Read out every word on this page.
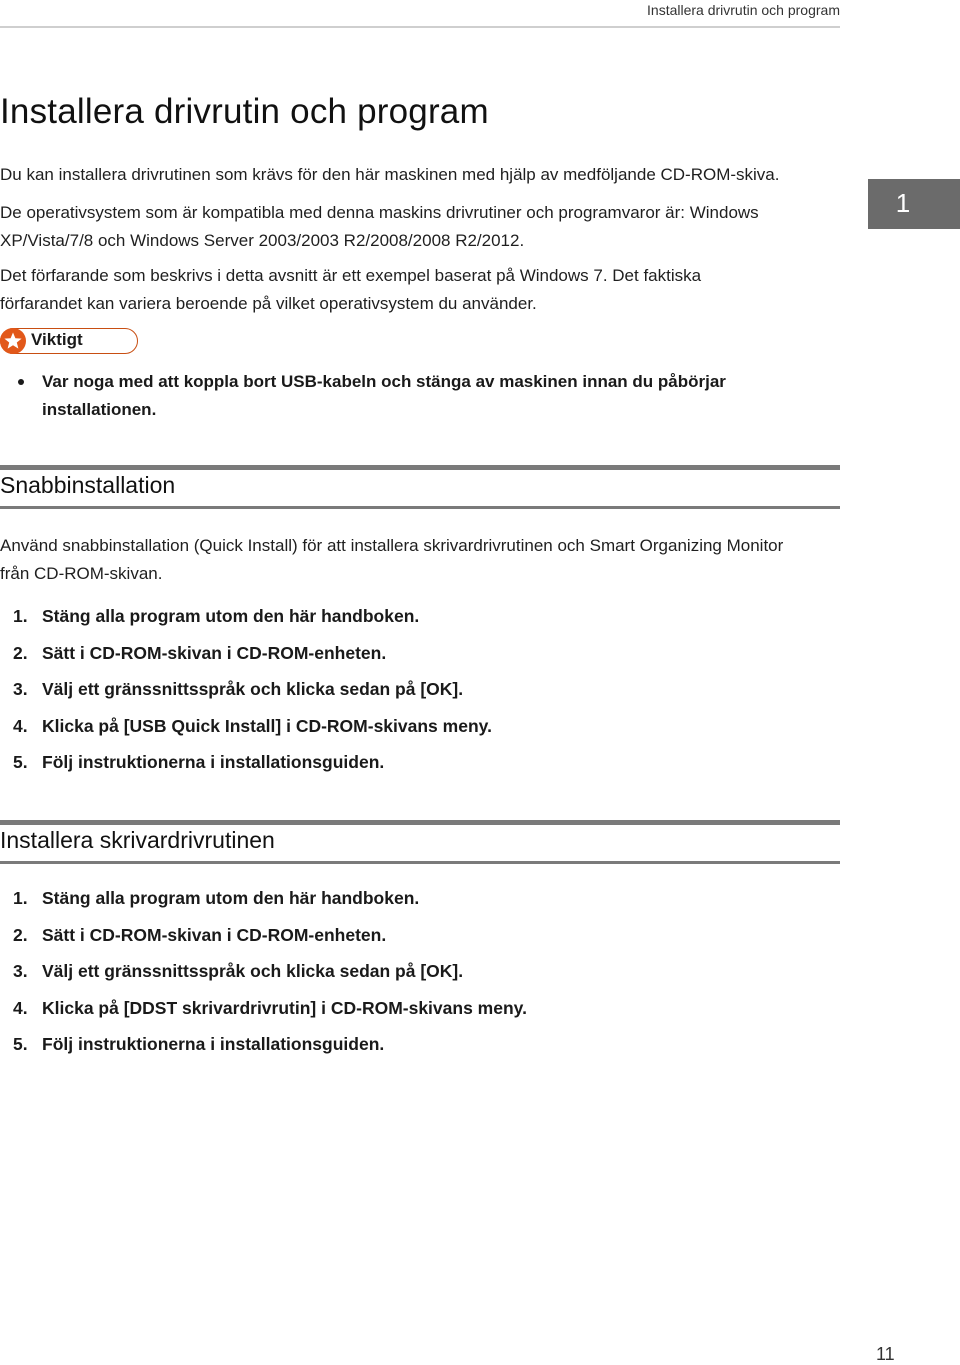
Installera drivrutin och program
Installera drivrutin och program

Du kan installera drivrutinen som krävs för den här maskinen med hjälp av medföljande CD-ROM-skiva.

De operativsystem som är kompatibla med denna maskins drivrutiner och programvaror är: Windows XP/Vista/7/8 och Windows Server 2003/2003 R2/2008/2008 R2/2012.

Det förfarande som beskrivs i detta avsnitt är ett exempel baserat på Windows 7. Det faktiska förfarandet kan variera beroende på vilket operativsystem du använder.

1
Viktigt
Var noga med att koppla bort USB-kabeln och stänga av maskinen innan du påbörjar installationen.
Snabbinstallation

Använd snabbinstallation (Quick Install) för att installera skrivardrivrutinen och Smart Organizing Monitor från CD-ROM-skivan.

1. Stäng alla program utom den här handboken.
2. Sätt i CD-ROM-skivan i CD-ROM-enheten.
3. Välj ett gränssnittsspråk och klicka sedan på [OK].
4. Klicka på [USB Quick Install] i CD-ROM-skivans meny.
5. Följ instruktionerna i installationsguiden.
Installera skrivardrivrutinen
1. Stäng alla program utom den här handboken.
2. Sätt i CD-ROM-skivan i CD-ROM-enheten.
3. Välj ett gränssnittsspråk och klicka sedan på [OK].
4. Klicka på [DDST skrivardrivrutin] i CD-ROM-skivans meny.
5. Följ instruktionerna i installationsguiden.
11
